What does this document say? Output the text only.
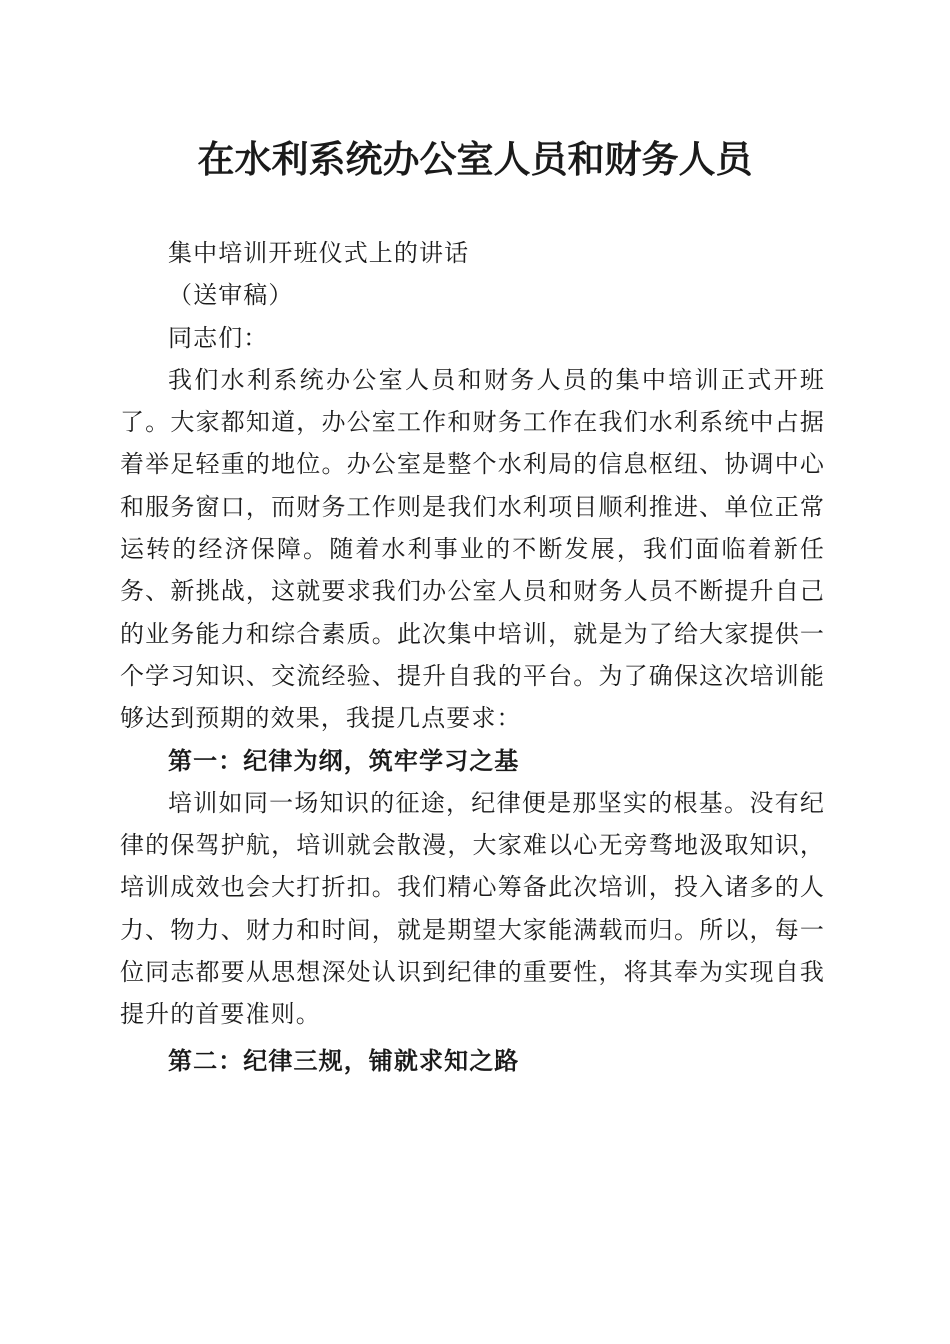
在水利系统办公室人员和财务人员

集中培训开班仪式上的讲话

（送审稿）

同志们：

我们水利系统办公室人员和财务人员的集中培训正式开班了。大家都知道，办公室工作和财务工作在我们水利系统中占据着举足轻重的地位。办公室是整个水利局的信息枢纽、协调中心和服务窗口，而财务工作则是我们水利项目顺利推进、单位正常运转的经济保障。随着水利事业的不断发展，我们面临着新任务、新挑战，这就要求我们办公室人员和财务人员不断提升自己的业务能力和综合素质。此次集中培训，就是为了给大家提供一个学习知识、交流经验、提升自我的平台。为了确保这次培训能够达到预期的效果，我提几点要求：

第一：纪律为纲，筑牢学习之基

培训如同一场知识的征途，纪律便是那坚实的根基。没有纪律的保驾护航，培训就会散漫，大家难以心无旁骛地汲取知识，培训成效也会大打折扣。我们精心筹备此次培训，投入诸多的人力、物力、财力和时间，就是期望大家能满载而归。所以，每一位同志都要从思想深处认识到纪律的重要性，将其奉为实现自我提升的首要准则。

第二：纪律三规，铺就求知之路
